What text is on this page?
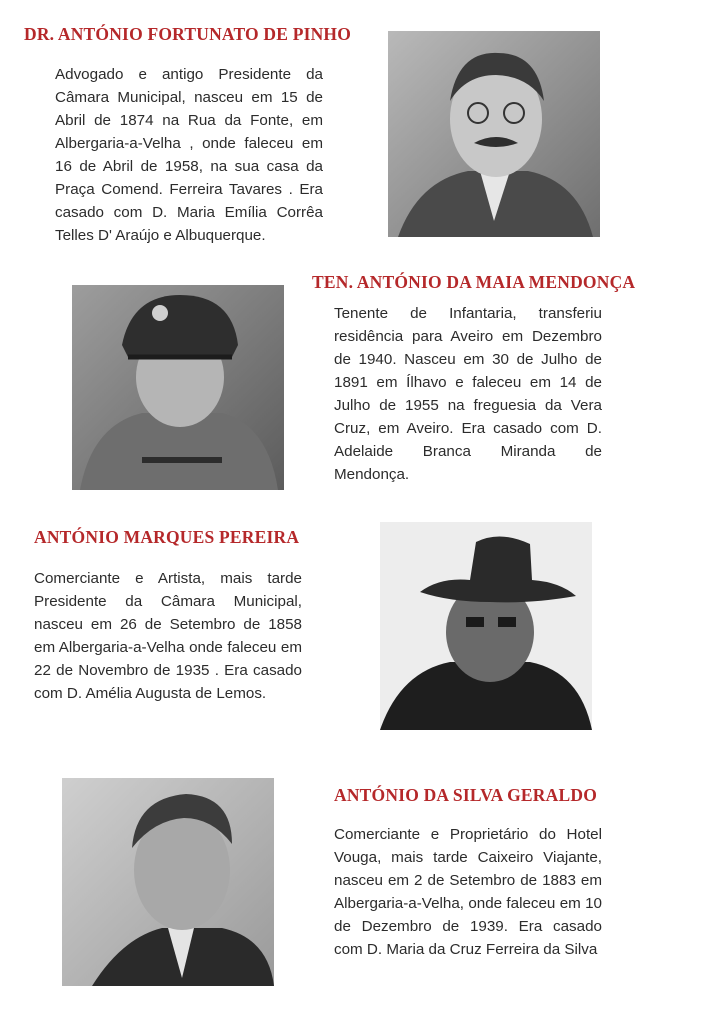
DR. ANTÓNIO FORTUNATO DE PINHO

Advogado e antigo Presidente da Câmara Municipal, nasceu em 15 de Abril de 1874 na Rua da Fonte, em Albergaria-a-Velha , onde faleceu em 16 de Abril de 1958, na sua casa da Praça Comend. Ferreira Tavares . Era casado com D. Maria Emília Corrêa Telles D' Araújo e Albuquerque.

TEN. ANTÓNIO DA MAIA MENDONÇA

Tenente de Infantaria, transferiu residência para Aveiro em Dezembro de 1940. Nasceu em 30 de Julho de 1891 em Ílhavo e faleceu em 14 de Julho de 1955 na freguesia da Vera Cruz, em Aveiro. Era casado com D. Adelaide Branca Miranda de Mendonça.

ANTÓNIO MARQUES PEREIRA

Comerciante e Artista, mais tarde Presidente da Câmara Municipal, nasceu em 26 de Setembro de 1858 em Albergaria-a-Velha onde faleceu em 22 de Novembro de 1935 . Era casado com D. Amélia Augusta de Lemos.

ANTÓNIO DA SILVA GERALDO

Comerciante e Proprietário do Hotel Vouga, mais tarde Caixeiro Viajante, nasceu em 2 de Setembro de 1883 em Albergaria-a-Velha, onde faleceu em 10 de Dezembro de 1939. Era casado com D. Maria da Cruz Ferreira da Silva
